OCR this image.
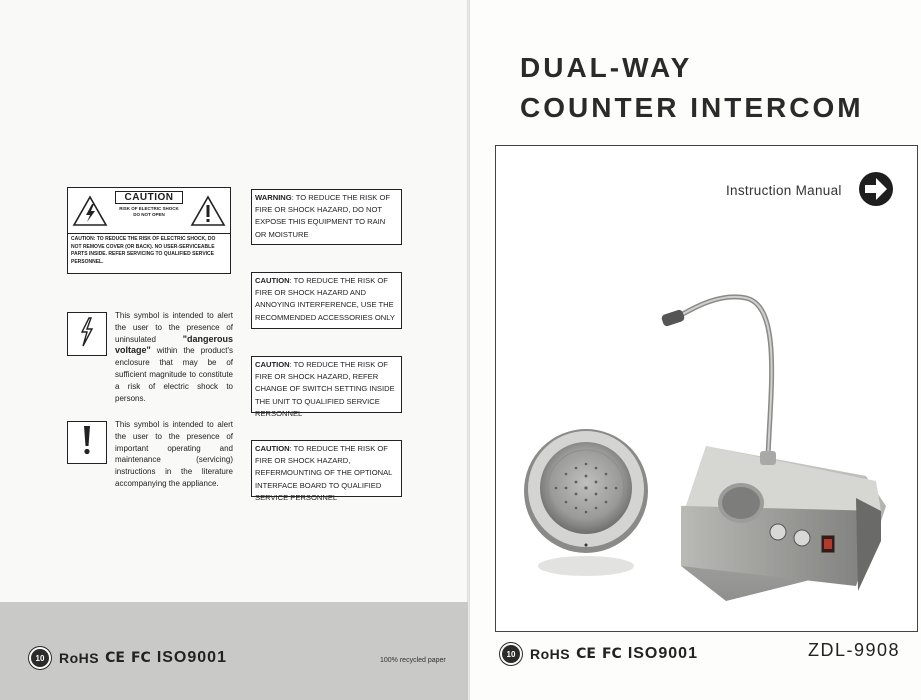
CAUTION
RISK OF ELECTRIC SHOCK DO NOT OPEN
CAUTION: TO REDUCE THE RISK OF ELECTRIC SHOCK, DO NOT REMOVE COVER (OR BACK). NO USER-SERVICEABLE PARTS INSIDE. REFER SERVICING TO QUALIFIED SERVICE PERSONNEL.
This symbol is intended to alert the user to the presence of uninsulated	"dangerous voltage" within the product's enclosure that may be of sufficient magnitude to constitute a risk of electric shock to persons.
This symbol is intended to alert the user to the presence of important operating and maintenance (servicing) instructions in the literature accompanying the appliance.
WARNING: TO REDUCE THE RISK OF FIRE OR SHOCK HAZARD, DO NOT EXPOSE THIS EQUIPMENT TO RAIN OR MOISTURE
CAUTION: TO REDUCE THE RISK OF FIRE OR SHOCK HAZARD AND ANNOYING INTERFERENCE, USE THE RECOMMENDED ACCESSORIES ONLY
CAUTION: TO REDUCE THE RISK OF FIRE OR SHOCK HAZARD, REFER CHANGE OF SWITCH SETTING INSIDE THE UNIT TO QUALIFIED SERVICE RERSONNEL
CAUTION: TO REDUCE THE RISK OF FIRE OR SHOCK HAZARD, REFERMOUNTING OF THE OPTIONAL INTERFACE BOARD TO QUALIFIED SERVICE PERSONNEL
10	RoHS CE FC ISO9001	100% recycled paper
DUAL-WAY
COUNTER INTERCOM
Instruction Manual
10	RoHS CE FC ISO9001	ZDL-9908
